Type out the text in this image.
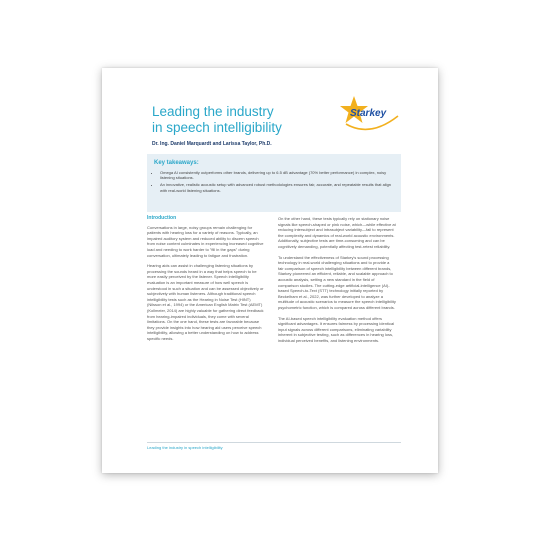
Leading the industry
in speech intelligibility
Starkey
Dr. Ing. Daniel Marquardt and Larissa Taylor, Ph.D.
Key takeaways:
• Omega AI consistently outperforms other brands, delivering up to 6.5 dB advantage (70% better performance) in complex, noisy listening situations.
• An innovative, realistic acoustic setup with advanced robust methodologies ensures fair, accurate, and repeatable results that align with real-world listening situations.
Introduction

Conversations in large, noisy groups remain challenging for patients with hearing loss for a variety of reasons. Typically, an impaired auditory system and reduced ability to discern speech from noise content culminates in experiencing increased cognitive load and needing to work harder to "fill in the gaps" during conversation, ultimately leading to fatigue and frustration.

Hearing aids can assist in challenging listening situations by processing the sounds heard in a way that helps speech to be more easily perceived by the listener. Speech intelligibility evaluation is an important measure of how well speech is understood in such a situation and can be assessed objectively or subjectively with human listeners. Although traditional speech intelligibility tests such as the Hearing in Noise Test (HINT) (Nilsson et al., 1994) or the American English Matrix Test (AEMT) (Kollmeier, 2014) are highly valuable for gathering direct feedback from hearing-impaired individuals, they come with several limitations. On the one hand, these tests are favorable because they provide insights into how hearing aid users perceive speech intelligibility, allowing a better understanding on how to address specific needs.

On the other hand, these tests typically rely on stationary noise signals like speech-shaped or pink noise, which—while effective at reducing intersubject and intrasubject variability—fail to represent the complexity and dynamics of real-world acoustic environments. Additionally, subjective tests are time-consuming and can be cognitively demanding, potentially affecting test-retest reliability.

To understand the effectiveness of Starkey's sound processing technology in real-world challenging situations and to provide a fair comparison of speech intelligibility between different brands, Starkey pioneered an efficient, reliable, and scalable approach to acoustic analysis, setting a new standard in the field of comparison studies. The cutting-edge artificial-intelligence (AI)-based Speech-to-Text (STT) technology initially reported by Beckelham et al., 2022, was further developed to analyze a multitude of acoustic scenarios to measure the speech intelligibility psychometric function, which is compared across different brands.

The AI-based speech intelligibility evaluation method offers significant advantages. It ensures fairness by processing identical input signals across different comparisons, eliminating variability inherent in subjective testing, such as differences in hearing loss, individual perceived benefits, and listening environments.

Leading the industry in speech intelligibility
